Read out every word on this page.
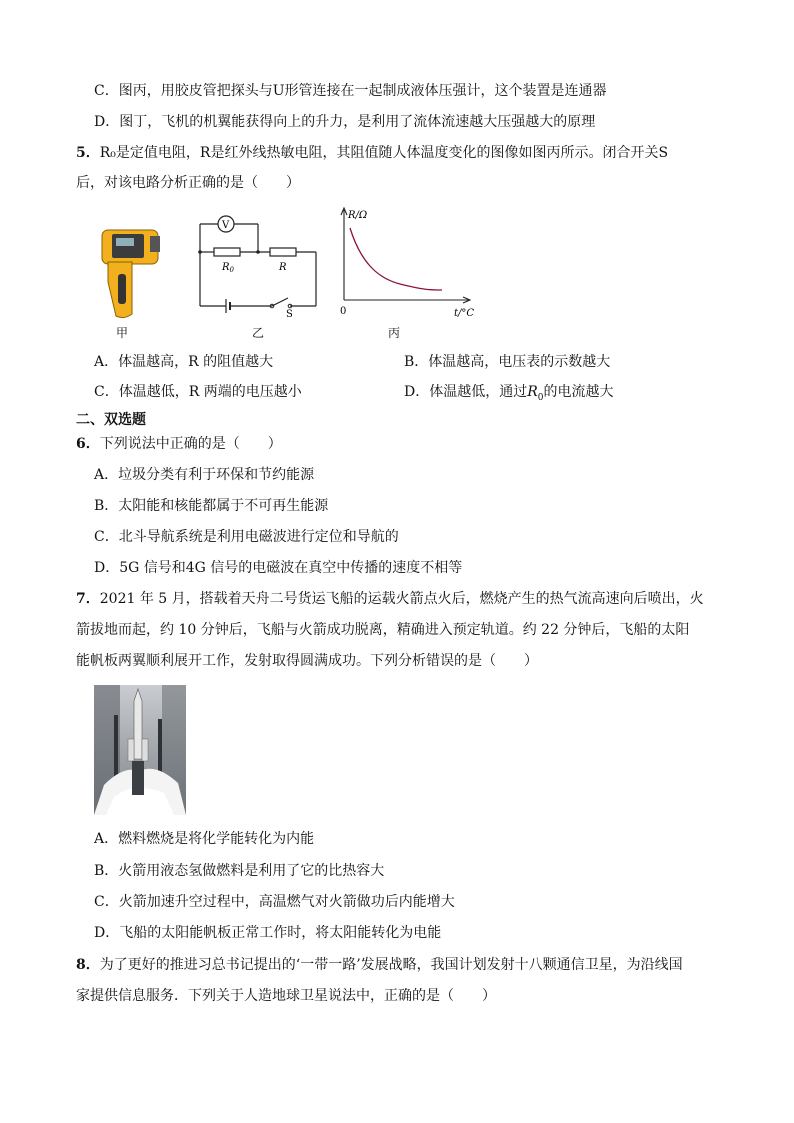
C．图丙，用胶皮管把探头与U形管连接在一起制成液体压强计，这个装置是连通器
D．图丁，飞机的机翼能获得向上的升力，是利用了流体流速越大压强越大的原理
5．R₀是定值电阻，R是红外线热敏电阻，其阻值随人体温度变化的图像如图丙所示。闭合开关S
后，对该电路分析正确的是（　　）
甲
V
$R_0$	R
S
乙
R/Ω
0	t/°C
丙
A．体温越高，R 的阻值越大	B．体温越高，电压表的示数越大
C．体温越低，R 两端的电压越小	D．体温越低，通过$R_0$的电流越大
二、双选题
6．下列说法中正确的是（　　）
A．垃圾分类有利于环保和节约能源
B．太阳能和核能都属于不可再生能源
C．北斗导航系统是利用电磁波进行定位和导航的
D．5G 信号和4G 信号的电磁波在真空中传播的速度不相等
7．2021 年 5 月，搭载着天舟二号货运飞船的运载火箭点火后，燃烧产生的热气流高速向后喷出，火
箭拔地而起，约 10 分钟后，飞船与火箭成功脱离，精确进入预定轨道。约 22 分钟后，飞船的太阳
能帆板两翼顺利展开工作，发射取得圆满成功。下列分析错误的是（　　）
A．燃料燃烧是将化学能转化为内能
B．火箭用液态氢做燃料是利用了它的比热容大
C．火箭加速升空过程中，高温燃气对火箭做功后内能增大
D．飞船的太阳能帆板正常工作时，将太阳能转化为电能
8．为了更好的推进习总书记提出的‘一带一路’发展战略，我国计划发射十八颗通信卫星，为沿线国
家提供信息服务．下列关于人造地球卫星说法中，正确的是（　　）
